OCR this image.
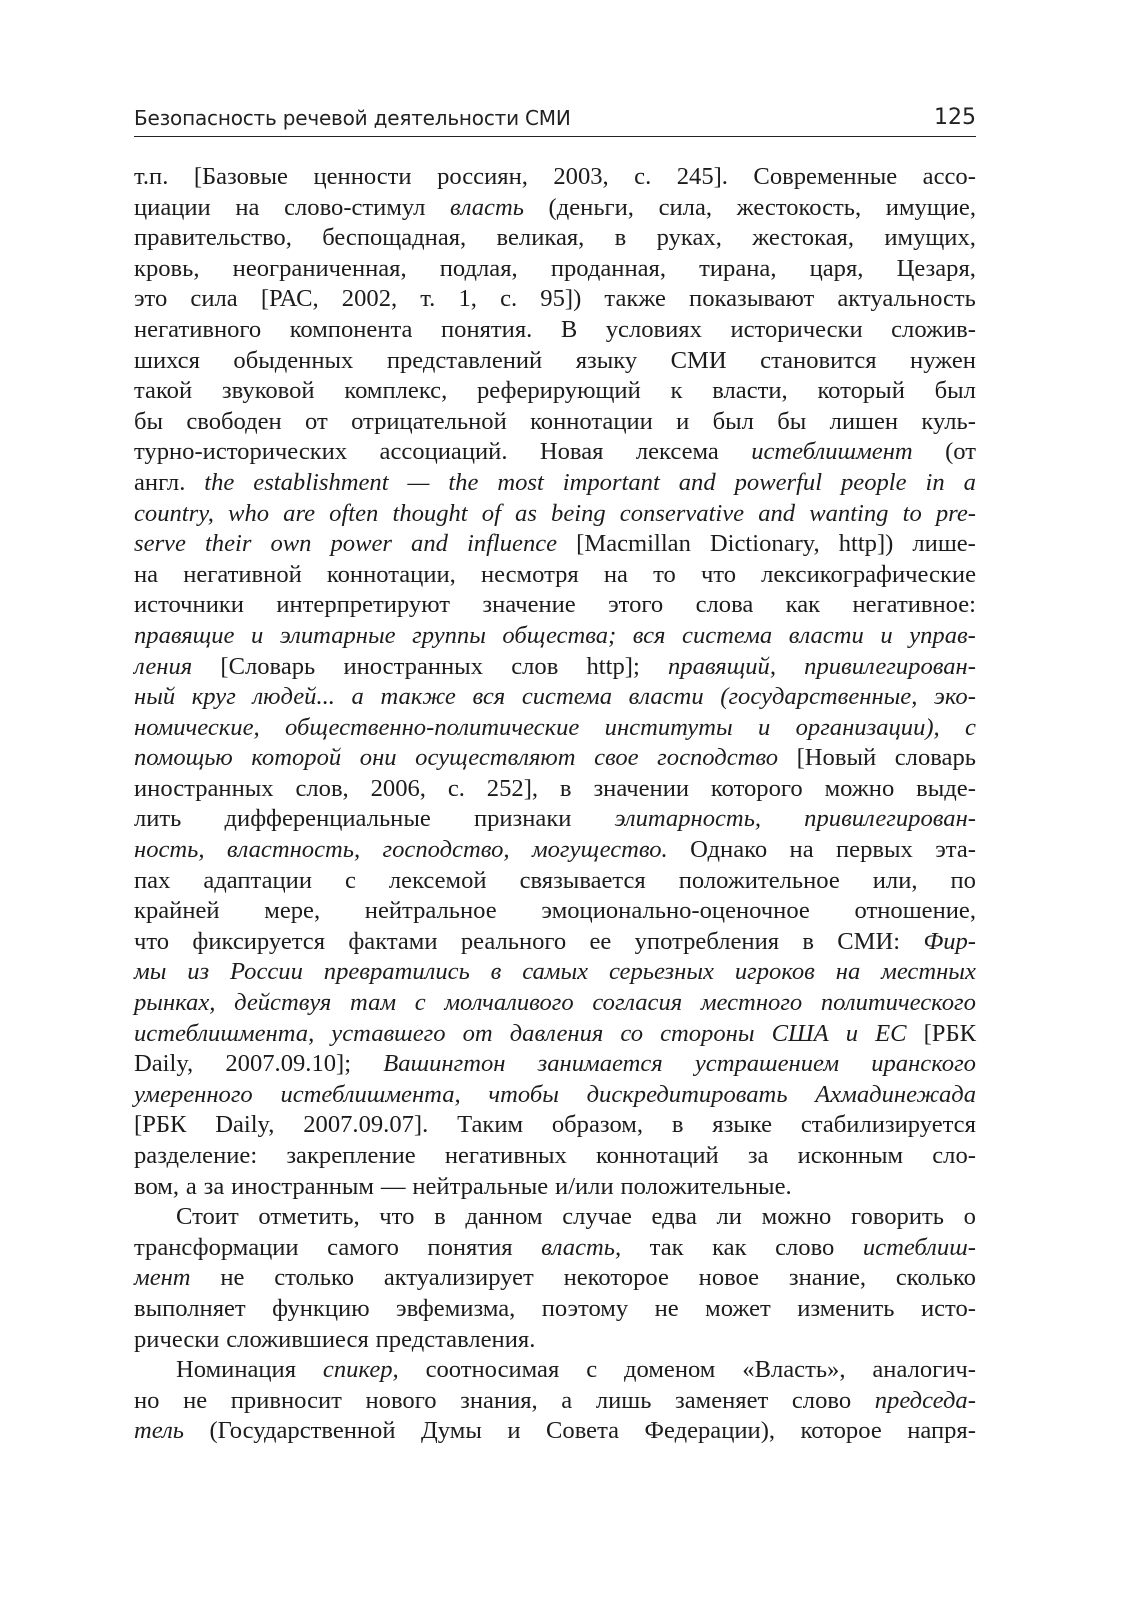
Безопасность речевой деятельности СМИ	125
т.п. [Базовые ценности россиян, 2003, с. 245]. Современные ассо-
циации на слово-стимул власть (деньги, сила, жестокость, имущие,
правительство, беспощадная, великая, в руках, жестокая, имущих,
кровь, неограниченная, подлая, проданная, тирана, царя, Цезаря,
это сила [РАС, 2002, т. 1, с. 95]) также показывают актуальность
негативного компонента понятия. В условиях исторически сложив-
шихся обыденных представлений языку СМИ становится нужен
такой звуковой комплекс, реферирующий к власти, который был
бы свободен от отрицательной коннотации и был бы лишен куль-
турно-исторических ассоциаций. Новая лексема истеблишмент (от
англ. the establishment — the most important and powerful people in a
country, who are often thought of as being conservative and wanting to pre-
serve their own power and influence [Macmillan Dictionary, http]) лише-
на негативной коннотации, несмотря на то что лексикографические
источники интерпретируют значение этого слова как негативное:
правящие и элитарные группы общества; вся система власти и управ-
ления [Словарь иностранных слов http]; правящий, привилегирован-
ный круг людей... а также вся система власти (государственные, эко-
номические, общественно-политические институты и организации), с
помощью которой они осуществляют свое господство [Новый словарь
иностранных слов, 2006, с. 252], в значении которого можно выде-
лить дифференциальные признаки элитарность, привилегирован-
ность, властность, господство, могущество. Однако на первых эта-
пах адаптации с лексемой связывается положительное или, по
крайней мере, нейтральное эмоционально-оценочное отношение,
что фиксируется фактами реального ее употребления в СМИ: Фир-
мы из России превратились в самых серьезных игроков на местных
рынках, действуя там с молчаливого согласия местного политического
истеблишмента, уставшего от давления со стороны США и ЕС [РБК
Daily, 2007.09.10]; Вашингтон занимается устрашением иранского
умеренного истеблишмента, чтобы дискредитировать Ахмадинежада
[РБК Daily, 2007.09.07]. Таким образом, в языке стабилизируется
разделение: закрепление негативных коннотаций за исконным сло-
вом, а за иностранным — нейтральные и/или положительные.
Стоит отметить, что в данном случае едва ли можно говорить о
трансформации самого понятия власть, так как слово истеблиш-
мент не столько актуализирует некоторое новое знание, сколько
выполняет функцию эвфемизма, поэтому не может изменить исто-
рически сложившиеся представления.
Номинация спикер, соотносимая с доменом «Власть», аналогич-
но не привносит нового знания, а лишь заменяет слово председа-
тель (Государственной Думы и Совета Федерации), которое напря-
